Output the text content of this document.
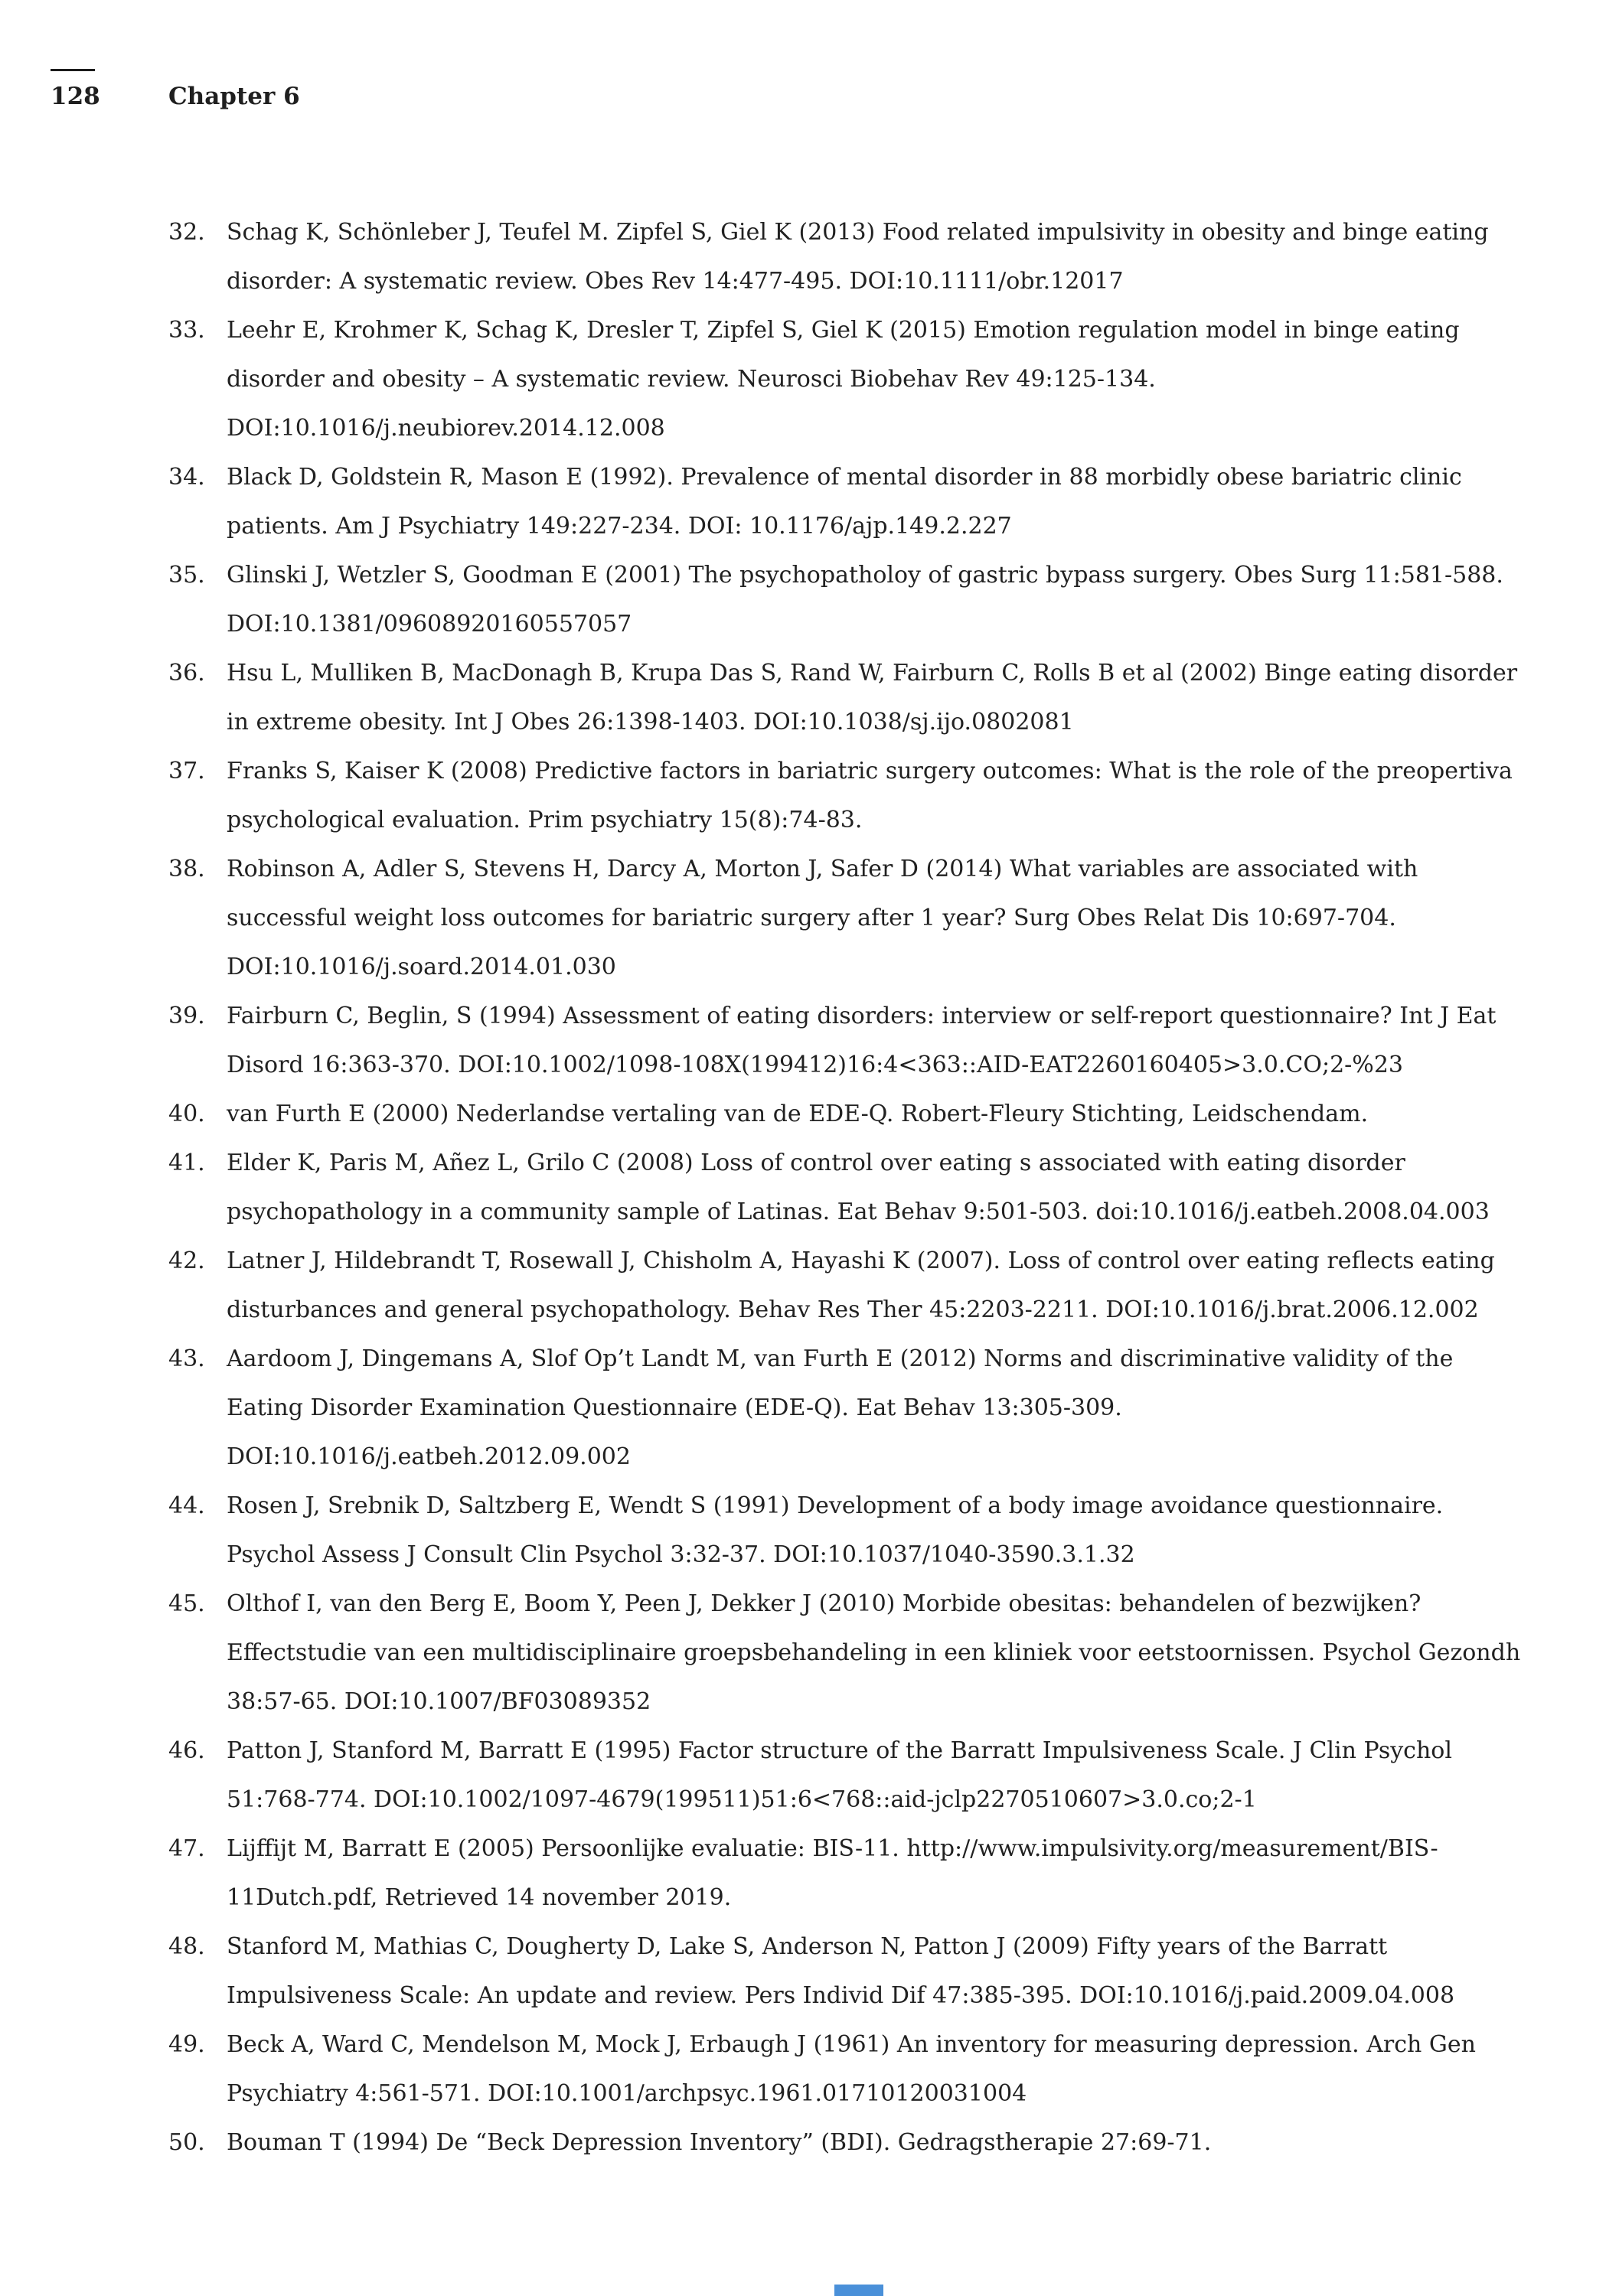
128	Chapter 6
32. Schag K, Schönleber J, Teufel M. Zipfel S, Giel K (2013) Food related impulsivity in obesity and binge eating disorder: A systematic review. Obes Rev 14:477-495. DOI:10.1111/obr.12017
33. Leehr E, Krohmer K, Schag K, Dresler T, Zipfel S, Giel K (2015) Emotion regulation model in binge eating disorder and obesity – A systematic review. Neurosci Biobehav Rev 49:125-134. DOI:10.1016/j.neubiorev.2014.12.008
34. Black D, Goldstein R, Mason E (1992). Prevalence of mental disorder in 88 morbidly obese bariatric clinic patients. Am J Psychiatry 149:227-234. DOI: 10.1176/ajp.149.2.227
35. Glinski J, Wetzler S, Goodman E (2001) The psychopatholoy of gastric bypass surgery. Obes Surg 11:581-588. DOI:10.1381/09608920160557057
36. Hsu L, Mulliken B, MacDonagh B, Krupa Das S, Rand W, Fairburn C, Rolls B et al (2002) Binge eating disorder in extreme obesity. Int J Obes 26:1398-1403. DOI:10.1038/sj.ijo.0802081
37. Franks S, Kaiser K (2008) Predictive factors in bariatric surgery outcomes: What is the role of the preopertiva psychological evaluation. Prim psychiatry 15(8):74-83.
38. Robinson A, Adler S, Stevens H, Darcy A, Morton J, Safer D (2014) What variables are associated with successful weight loss outcomes for bariatric surgery after 1 year? Surg Obes Relat Dis 10:697-704. DOI:10.1016/j.soard.2014.01.030
39. Fairburn C, Beglin, S (1994) Assessment of eating disorders: interview or self-report questionnaire? Int J Eat Disord 16:363-370. DOI:10.1002/1098-108X(199412)16:4<363::AID-EAT2260160405>3.0.CO;2-%23
40. van Furth E (2000) Nederlandse vertaling van de EDE-Q. Robert-Fleury Stichting, Leidschendam.
41. Elder K, Paris M, Añez L, Grilo C (2008) Loss of control over eating s associated with eating disorder psychopathology in a community sample of Latinas. Eat Behav 9:501-503. doi:10.1016/j.eatbeh.2008.04.003
42. Latner J, Hildebrandt T, Rosewall J, Chisholm A, Hayashi K (2007). Loss of control over eating reflects eating disturbances and general psychopathology. Behav Res Ther 45:2203-2211. DOI:10.1016/j.brat.2006.12.002
43. Aardoom J, Dingemans A, Slof Op’t Landt M, van Furth E (2012) Norms and discriminative validity of the Eating Disorder Examination Questionnaire (EDE-Q). Eat Behav 13:305-309. DOI:10.1016/j.eatbeh.2012.09.002
44. Rosen J, Srebnik D, Saltzberg E, Wendt S (1991) Development of a body image avoidance questionnaire. Psychol Assess J Consult Clin Psychol 3:32-37. DOI:10.1037/1040-3590.3.1.32
45. Olthof I, van den Berg E, Boom Y, Peen J, Dekker J (2010) Morbide obesitas: behandelen of bezwijken? Effectstudie van een multidisciplinaire groepsbehandeling in een kliniek voor eetstoornissen. Psychol Gezondh 38:57-65. DOI:10.1007/BF03089352
46. Patton J, Stanford M, Barratt E (1995) Factor structure of the Barratt Impulsiveness Scale. J Clin Psychol 51:768-774. DOI:10.1002/1097-4679(199511)51:6<768::aid-jclp2270510607>3.0.co;2-1
47. Lijffijt M, Barratt E (2005) Persoonlijke evaluatie: BIS-11. http://www.impulsivity.org/measurement/BIS-11Dutch.pdf, Retrieved 14 november 2019.
48. Stanford M, Mathias C, Dougherty D, Lake S, Anderson N, Patton J (2009) Fifty years of the Barratt Impulsiveness Scale: An update and review. Pers Individ Dif 47:385-395. DOI:10.1016/j.paid.2009.04.008
49. Beck A, Ward C, Mendelson M, Mock J, Erbaugh J (1961) An inventory for measuring depression. Arch Gen Psychiatry 4:561-571. DOI:10.1001/archpsyc.1961.01710120031004
50. Bouman T (1994) De “Beck Depression Inventory” (BDI). Gedragstherapie 27:69-71.
